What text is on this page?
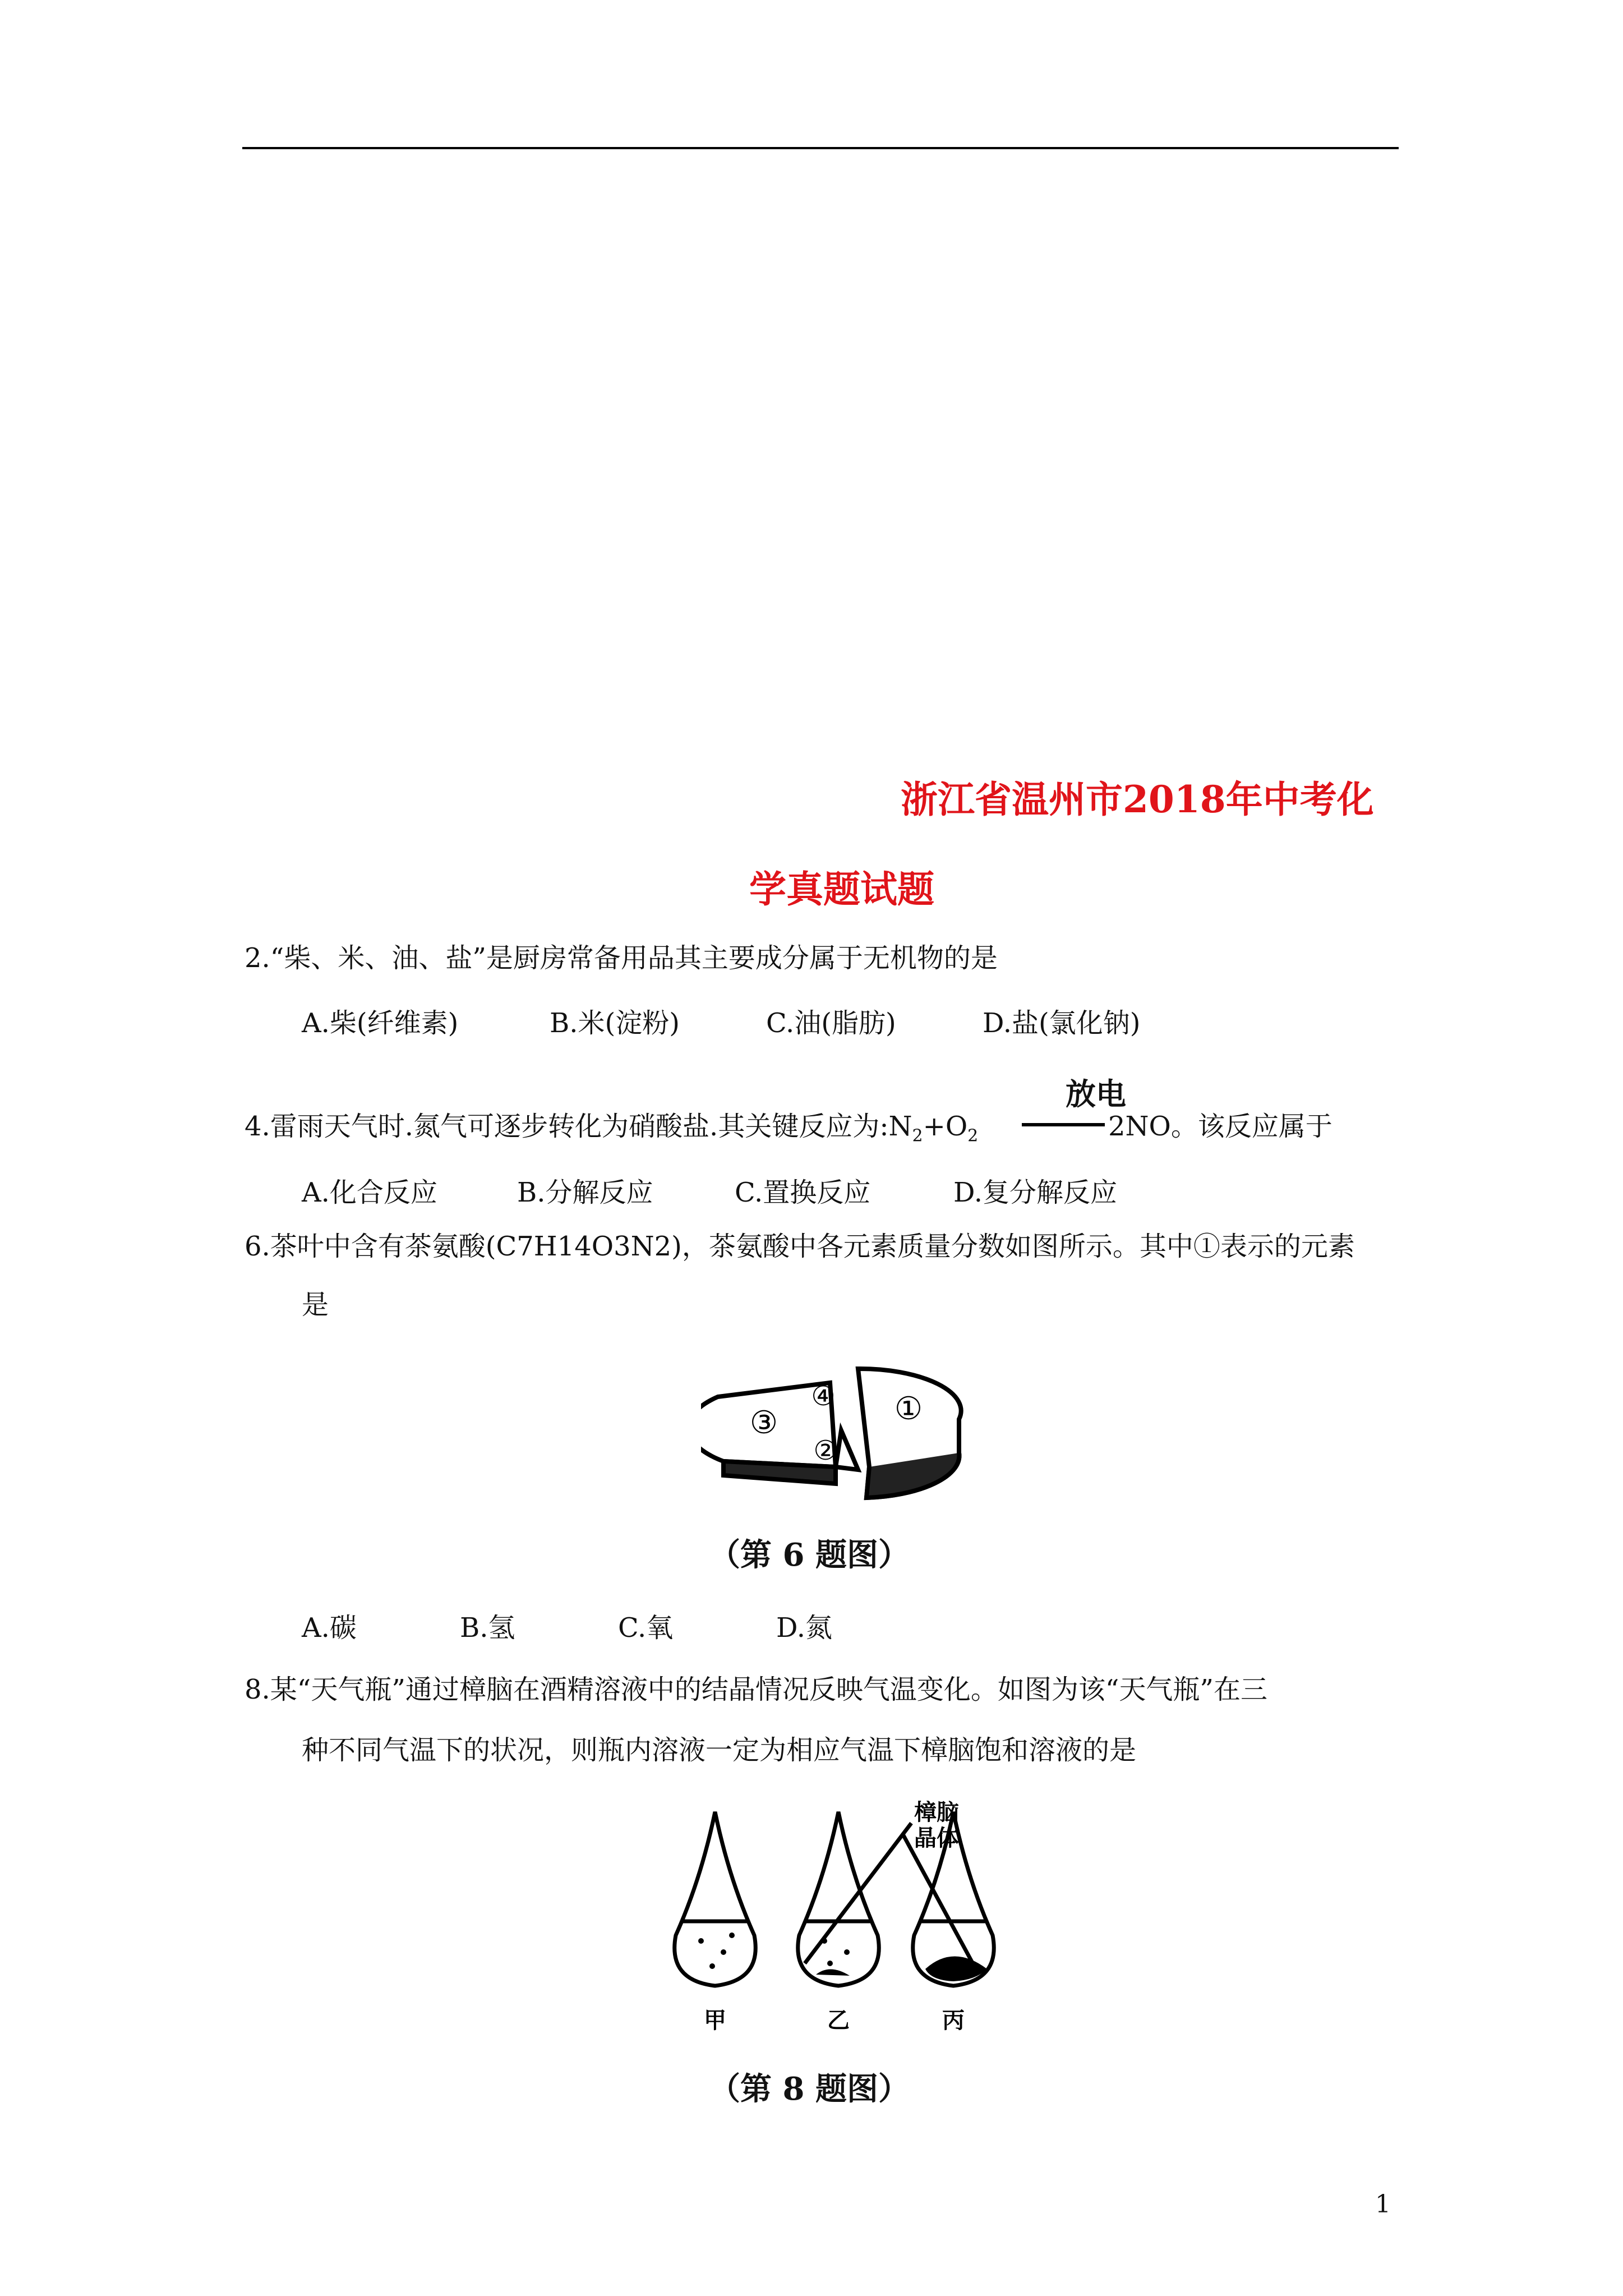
浙江省温州市2018年中考化
学真题试题
2.“柴、米、油、盐”是厨房常备用品其主要成分属于无机物的是
A.柴(纤维素)	B.米(淀粉)	C.油(脂肪)	D.盐(氯化钠)
4.雷雨天气时.氮气可逐步转化为硝酸盐.其关键反应为$:N_2+O_2$
放电
2NO。该反应属于
A.化合反应	B.分解反应	C.置换反应	D.复分解反应
6.茶叶中含有茶氨酸(C7H14O3N2)，茶氨酸中各元素质量分数如图所示。其中①表示的元素
是
①
②
③
④
（第 6 题图）
A.碳	B.氢	C.氧	D.氮
8.某“天气瓶”通过樟脑在酒精溶液中的结晶情况反映气温变化。如图为该“天气瓶”在三
种不同气温下的状况，则瓶内溶液一定为相应气温下樟脑饱和溶液的是
樟脑
晶体
甲	乙	丙
（第 8 题图）
1
